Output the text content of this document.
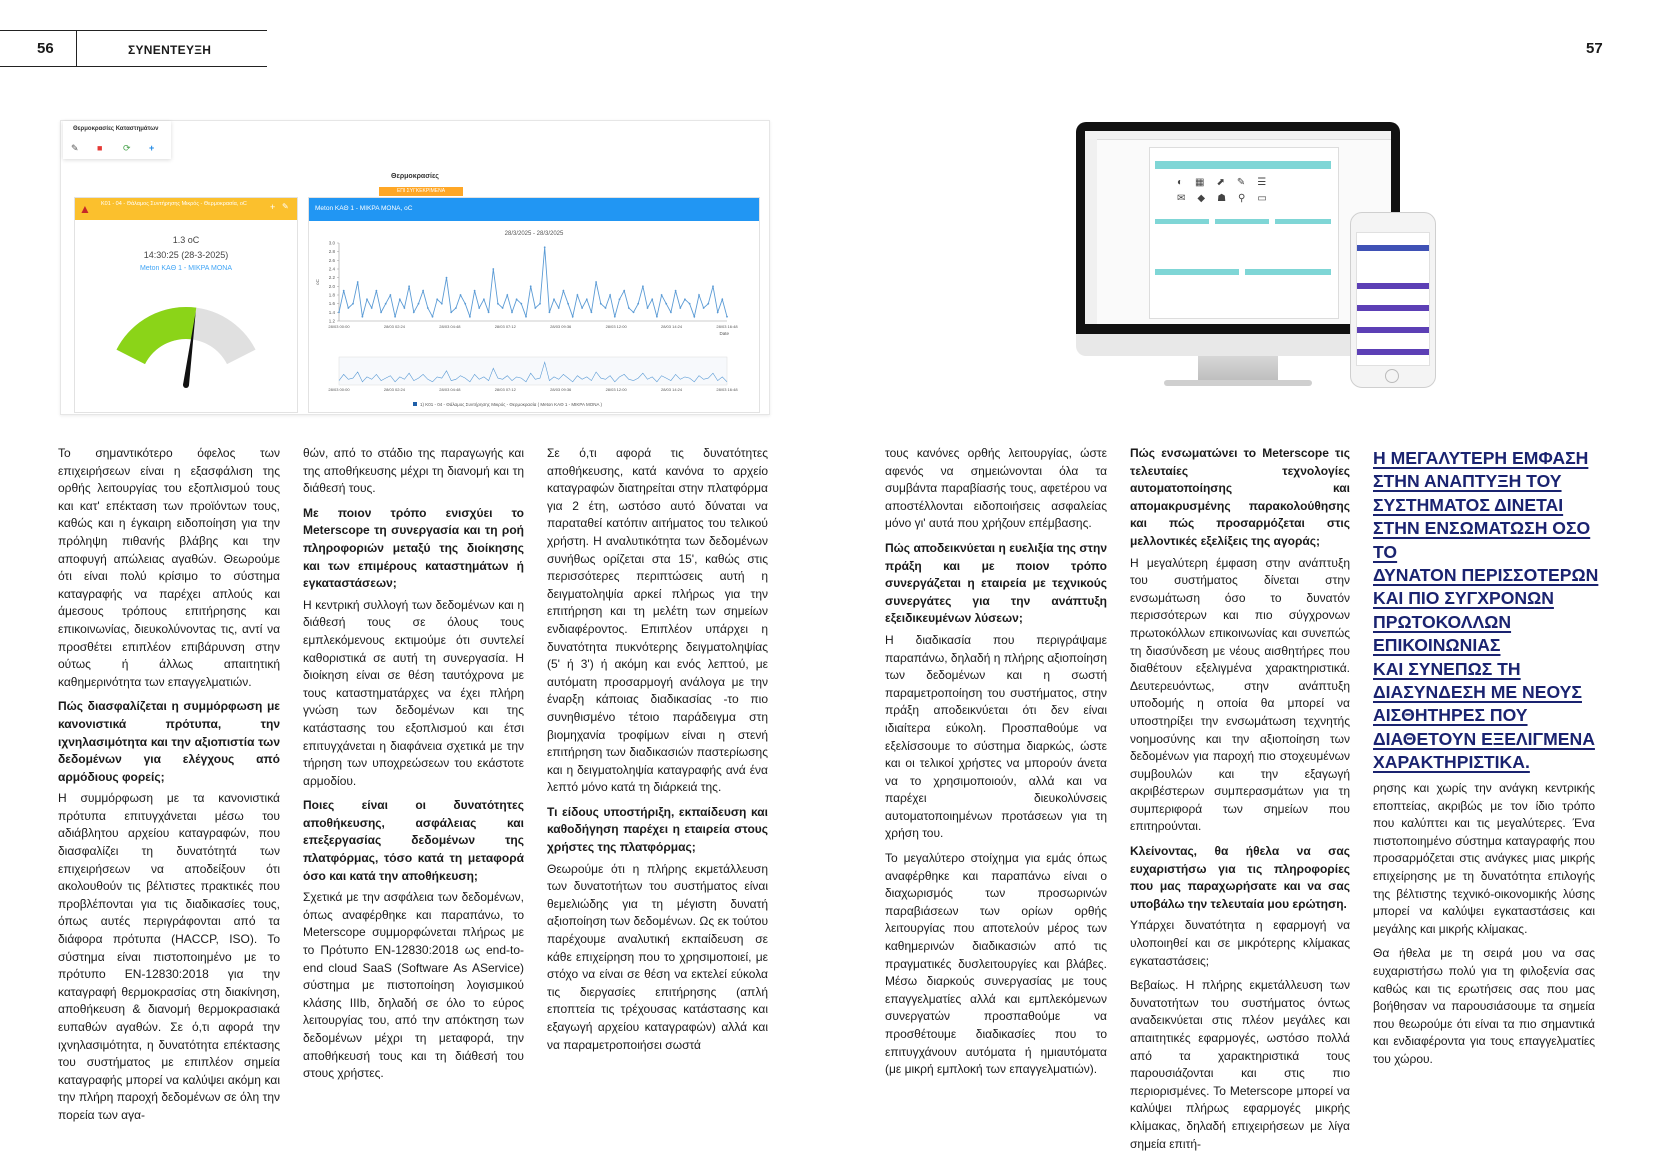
56	ΣΥΝΕΝΤΕΥΞΗ	57
Θερμοκρασίες Καταστημάτων
✎ ■ ⟳ +
Θερμοκρασίες
ΕΠΙ ΣΥΓΚΕΚΡΙΜΕΝΑ
▲ K01 - 04 - Θάλαμος Συντήρησης Μικρός - Θερμοκρασία, oC	+ ✎
1.3 oC
14:30:25 (28-3-2025)
Meton KAΘ 1 - ΜΙΚΡΑ ΜΟΝΑ
Meton KAΘ 1 - ΜΙΚΡΑ ΜΟΝΑ, oC
28/3/2025 - 28/3/2025
3.0
2.8
2.6
2.4
2.2
2.0
1.8
1.6
1.4
1.2
oC
28/03 00:00
28/03 00:00
28/03 02:24
28/03 02:24
28/03 04:48
28/03 04:48
28/03 07:12
28/03 07:12
28/03 09:36
28/03 09:36
28/03 12:00
28/03 12:00
28/03 14:24
28/03 14:24
28/03 16:48
28/03 16:48
Date
1) K01 - 04 - Θάλαμος Συντήρησης Μικρός - Θερμοκρασία ( Meton KAΘ 1 - ΜΙΚΡΑ ΜΟΝΑ )
◐▦⬈✎☰
✉◆☗⚲▭

Το σημαντικότερο όφελος των επιχειρήσεων είναι η εξασφάλιση της ορθής λειτουργίας του εξοπλισμού τους και κατ' επέκταση των προϊόντων τους, καθώς και η έγκαιρη ειδοποίηση για την πρόληψη πιθανής βλάβης και την αποφυγή απώλειας αγαθών. Θεωρούμε ότι είναι πολύ κρίσιμο το σύστημα καταγραφής να παρέχει απλούς και άμεσους τρόπους επιτήρησης και επικοινωνίας, διευκολύνοντας τις, αντί να προσθέτει επιπλέον επιβάρυνση στην ούτως ή άλλως απαιτητική καθημερινότητα των επαγγελματιών.

Πώς διασφαλίζεται η συμμόρφωση με κανονιστικά πρότυπα, την ιχνηλασιμότητα και την αξιοπιστία των δεδομένων για ελέγχους από αρμόδιους φορείς;

Η συμμόρφωση με τα κανονιστικά πρότυπα επιτυγχάνεται μέσω του αδιάβλητου αρχείου καταγραφών, που διασφαλίζει τη δυνατότητά των επιχειρήσεων να αποδείξουν ότι ακολουθούν τις βέλτιστες πρακτικές που προβλέπονται για τις διαδικασίες τους, όπως αυτές περιγράφονται από τα διάφορα πρότυπα (HACCP, ISO). Το σύστημα είναι πιστοποιημένο με το πρότυπο EN-12830:2018 για την καταγραφή θερμοκρασίας στη διακίνηση, αποθήκευση & διανομή θερμοκρασιακά ευπαθών αγαθών. Σε ό,τι αφορά την ιχνηλασιμότητα, η δυνατότητα επέκτασης του συστήματος με επιπλέον σημεία καταγραφής μπορεί να καλύψει ακόμη και την πλήρη παροχή δεδομένων σε όλη την πορεία των αγα-

θών, από το στάδιο της παραγωγής και της αποθήκευσης μέχρι τη διανομή και τη διάθεσή τους.

Με ποιον τρόπο ενισχύει το Meterscope τη συνεργασία και τη ροή πληροφοριών μεταξύ της διοίκησης και των επιμέρους καταστημάτων ή εγκαταστάσεων;

Η κεντρική συλλογή των δεδομένων και η διάθεσή τους σε όλους τους εμπλεκόμενους εκτιμούμε ότι συντελεί καθοριστικά σε αυτή τη συνεργασία. Η διοίκηση είναι σε θέση ταυτόχρονα με τους καταστηματάρχες να έχει πλήρη γνώση των δεδομένων και της κατάστασης του εξοπλισμού και έτσι επιτυγχάνεται η διαφάνεια σχετικά με την τήρηση των υποχρεώσεων του εκάστοτε αρμοδίου.

Ποιες είναι οι δυνατότητες αποθήκευσης, ασφάλειας και επεξεργασίας δεδομένων της πλατφόρμας, τόσο κατά τη μεταφορά όσο και κατά την αποθήκευση;

Σχετικά με την ασφάλεια των δεδομένων, όπως αναφέρθηκε και παραπάνω, το Meterscope συμμορφώνεται πλήρως με το Πρότυπο EN-12830:2018 ως end-to-end cloud SaaS (Software As AService) σύστημα με πιστοποίηση λογισμικού κλάσης IIIb, δηλαδή σε όλο το εύρος λειτουργίας του, από την απόκτηση των δεδομένων μέχρι τη μεταφορά, την αποθήκευσή τους και τη διάθεσή του στους χρήστες.

Σε ό,τι αφορά τις δυνατότητες αποθήκευσης, κατά κανόνα το αρχείο καταγραφών διατηρείται στην πλατφόρμα για 2 έτη, ωστόσο αυτό δύναται να παραταθεί κατόπιν αιτήματος του τελικού χρήστη. Η αναλυτικότητα των δεδομένων συνήθως ορίζεται στα 15', καθώς στις περισσότερες περιπτώσεις αυτή η δειγματοληψία αρκεί πλήρως για την επιτήρηση και τη μελέτη των σημείων ενδιαφέροντος. Επιπλέον υπάρχει η δυνατότητα πυκνότερης δειγματοληψίας (5' ή 3') ή ακόμη και ενός λεπτού, με αυτόματη προσαρμογή ανάλογα με την έναρξη κάποιας διαδικασίας -το πιο συνηθισμένο τέτοιο παράδειγμα στη βιομηχανία τροφίμων είναι η στενή επιτήρηση των διαδικασιών παστερίωσης και η δειγματοληψία καταγραφής ανά ένα λεπτό μόνο κατά τη διάρκειά της.

Τι είδους υποστήριξη, εκπαίδευση και καθοδήγηση παρέχει η εταιρεία στους χρήστες της πλατφόρμας;

Θεωρούμε ότι η πλήρης εκμετάλλευση των δυνατοτήτων του συστήματος είναι θεμελιώδης για τη μέγιστη δυνατή αξιοποίηση των δεδομένων. Ως εκ τούτου παρέχουμε αναλυτική εκπαίδευση σε κάθε επιχείρηση που το χρησιμοποιεί, με στόχο να είναι σε θέση να εκτελεί εύκολα τις διεργασίες επιτήρησης (απλή εποπτεία τις τρέχουσας κατάστασης και εξαγωγή αρχείου καταγραφών) αλλά και να παραμετροποιήσει σωστά

τους κανόνες ορθής λειτουργίας, ώστε αφενός να σημειώνονται όλα τα συμβάντα παραβίασής τους, αφετέρου να αποστέλλονται ειδοποιήσεις ασφαλείας μόνο γι' αυτά που χρήζουν επέμβασης.

Πώς αποδεικνύεται η ευελιξία της στην πράξη και με ποιον τρόπο συνεργάζεται η εταιρεία με τεχνικούς συνεργάτες για την ανάπτυξη εξειδικευμένων λύσεων;

Η διαδικασία που περιγράψαμε παραπάνω, δηλαδή η πλήρης αξιοποίηση των δεδομένων και η σωστή παραμετροποίηση του συστήματος, στην πράξη αποδεικνύεται ότι δεν είναι ιδιαίτερα εύκολη. Προσπαθούμε να εξελίσσουμε το σύστημα διαρκώς, ώστε και οι τελικοί χρήστες να μπορούν άνετα να το χρησιμοποιούν, αλλά και να παρέχει διευκολύνσεις αυτοματοποιημένων προτάσεων για τη χρήση του.

Το μεγαλύτερο στοίχημα για εμάς όπως αναφέρθηκε και παραπάνω είναι ο διαχωρισμός των προσωρινών παραβιάσεων των ορίων ορθής λειτουργίας που αποτελούν μέρος των καθημερινών διαδικασιών από τις πραγματικές δυσλειτουργίες και βλάβες. Μέσω διαρκούς συνεργασίας με τους επαγγελματίες αλλά και εμπλεκόμενων συνεργατών προσπαθούμε να προσθέτουμε διαδικασίες που το επιτυγχάνουν αυτόματα ή ημιαυτόματα (με μικρή εμπλοκή των επαγγελματιών).

Πώς ενσωματώνει το Meterscope τις τελευταίες τεχνολογίες αυτοματοποίησης και απομακρυσμένης παρακολούθησης και πώς προσαρμόζεται στις μελλοντικές εξελίξεις της αγοράς;

Η μεγαλύτερη έμφαση στην ανάπτυξη του συστήματος δίνεται στην ενσωμάτωση όσο το δυνατόν περισσότερων και πιο σύγχρονων πρωτοκόλλων επικοινωνίας και συνεπώς τη διασύνδεση με νέους αισθητήρες που διαθέτουν εξελιγμένα χαρακτηριστικά. Δευτερευόντως, στην ανάπτυξη υποδομής η οποία θα μπορεί να υποστηρίξει την ενσωμάτωση τεχνητής νοημοσύνης και την αξιοποίηση των δεδομένων για παροχή πιο στοχευμένων συμβουλών και την εξαγωγή ακριβέστερων συμπερασμάτων για τη συμπεριφορά των σημείων που επιτηρούνται.

Κλείνοντας, θα ήθελα να σας ευχαριστήσω για τις πληροφορίες που μας παραχωρήσατε και να σας υποβάλω την τελευταία μου ερώτηση.

Υπάρχει δυνατότητα η εφαρμογή να υλοποιηθεί και σε μικρότερης κλίμακας εγκαταστάσεις;

Βεβαίως. Η πλήρης εκμετάλλευση των δυνατοτήτων του συστήματος όντως αναδεικνύεται στις πλέον μεγάλες και απαιτητικές εφαρμογές, ωστόσο πολλά από τα χαρακτηριστικά τους παρουσιάζονται και στις πιο περιορισμένες. Το Meterscope μπορεί να καλύψει πλήρως εφαρμογές μικρής κλίμακας, δηλαδή επιχειρήσεων με λίγα σημεία επιτή-

ρησης και χωρίς την ανάγκη κεντρικής εποπτείας, ακριβώς με τον ίδιο τρόπο που καλύπτει και τις μεγαλύτερες. Ένα πιστοποιημένο σύστημα καταγραφής που προσαρμόζεται στις ανάγκες μιας μικρής επιχείρησης με τη δυνατότητα επιλογής της βέλτιστης τεχνικό-οικονομικής λύσης μπορεί να καλύψει εγκαταστάσεις και μεγάλης και μικρής κλίμακας.

Θα ήθελα με τη σειρά μου να σας ευχαριστήσω πολύ για τη φιλοξενία σας καθώς και τις ερωτήσεις σας που μας βοήθησαν να παρουσιάσουμε τα σημεία που θεωρούμε ότι είναι τα πιο σημαντικά και ενδιαφέροντα για τους επαγγελματίες του χώρου.

Η ΜΕΓΑΛΥΤΕΡΗ ΕΜΦΑΣΗ
ΣΤΗΝ ΑΝΑΠΤΥΞΗ ΤΟΥ
ΣΥΣΤΗΜΑΤΟΣ ΔΙΝΕΤΑΙ
ΣΤΗΝ ΕΝΣΩΜΑΤΩΣΗ ΟΣΟ ΤΟ
ΔΥΝΑΤΟΝ ΠΕΡΙΣΣΟΤΕΡΩΝ
ΚΑΙ ΠΙΟ ΣΥΓΧΡΟΝΩΝ
ΠΡΩΤΟΚΟΛΛΩΝ
ΕΠΙΚΟΙΝΩΝΙΑΣ
ΚΑΙ ΣΥΝΕΠΩΣ ΤΗ
ΔΙΑΣΥΝΔΕΣΗ ΜΕ ΝΕΟΥΣ
ΑΙΣΘΗΤΗΡΕΣ ΠΟΥ
ΔΙΑΘΕΤΟΥΝ ΕΞΕΛΙΓΜΕΝΑ
ΧΑΡΑΚΤΗΡΙΣΤΙΚΑ.
